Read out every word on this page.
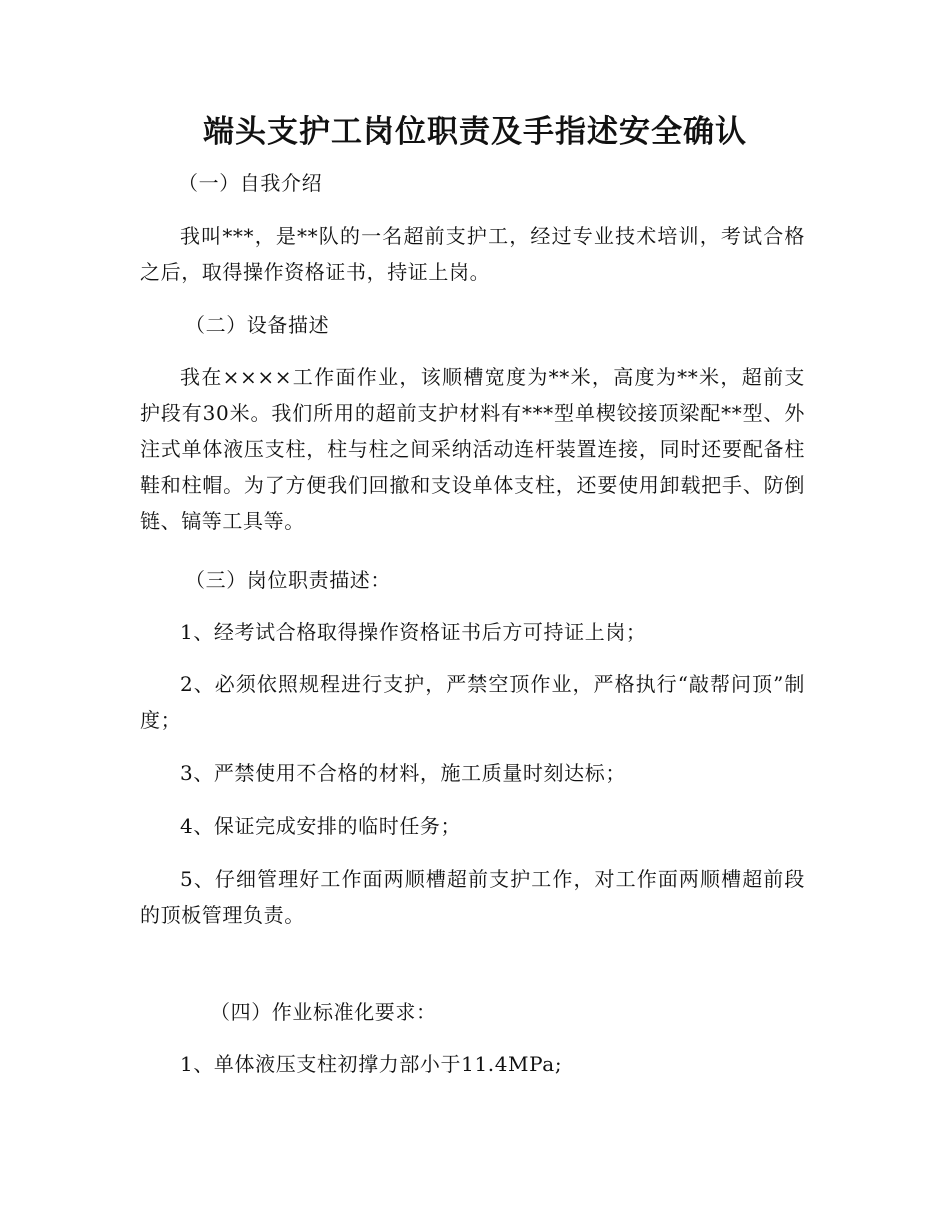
端头支护工岗位职责及手指述安全确认
（一）自我介绍
我叫***，是**队的一名超前支护工，经过专业技术培训，考试合格之后，取得操作资格证书，持证上岗。
（二）设备描述
我在××××工作面作业，该顺槽宽度为**米，高度为**米，超前支护段有30米。我们所用的超前支护材料有***型单楔铰接顶梁配**型、外注式单体液压支柱，柱与柱之间采纳活动连杆装置连接，同时还要配备柱鞋和柱帽。为了方便我们回撤和支设单体支柱，还要使用卸载把手、防倒链、镐等工具等。
（三）岗位职责描述：
1、经考试合格取得操作资格证书后方可持证上岗；
2、必须依照规程进行支护，严禁空顶作业，严格执行“敲帮问顶”制度；
3、严禁使用不合格的材料，施工质量时刻达标；
4、保证完成安排的临时任务；
5、仔细管理好工作面两顺槽超前支护工作，对工作面两顺槽超前段的顶板管理负责。
（四）作业标准化要求：
1、单体液压支柱初撑力部小于11.4MPa;
